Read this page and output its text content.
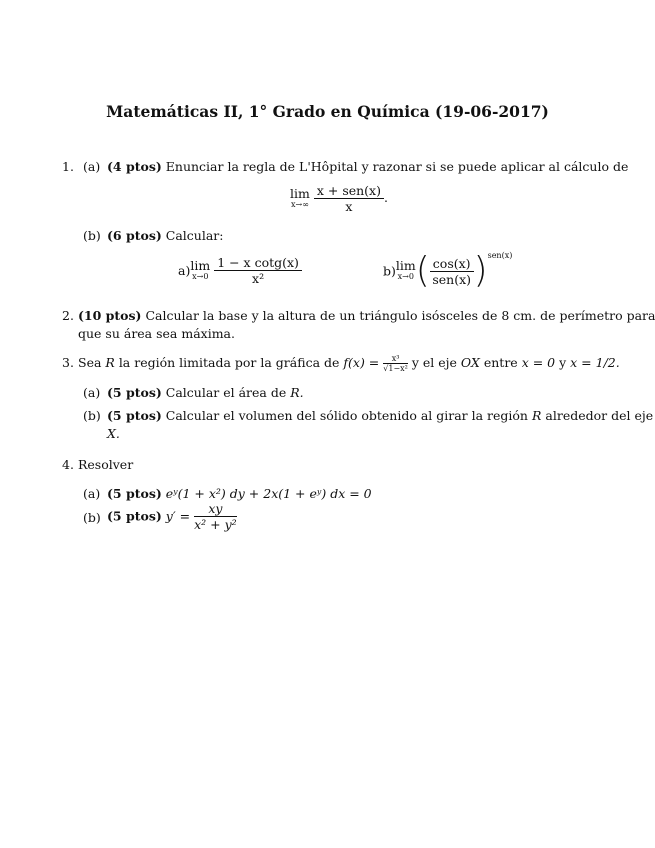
Matemáticas II, 1° Grado en Química (19-06-2017)
1. (a) (4 ptos) Enunciar la regla de L'Hôpital y razonar si se puede aplicar al cálculo de
lim
x→∞
$\frac{\text{x + sen(x)}}{x}$ .
(b) (6 ptos) Calcular:
a)lim
x→0
$\frac{\text{1 − x cotg(x)}}{\text{x²}}$	b)lim
x→0 ( $\frac{\cos(x)}{\text{sen(x)}} )^{sen(x)}$
2. (10 ptos) Calcular la base y la altura de un triángulo isósceles de 8 cm. de perímetro para
que su área sea máxima.
3. Sea R la región limitada por la gráfica de $f(x) = \frac{\text{x³}}{\text{√1−x²}}$ y el eje OX entre x = 0 y x = 1/2.
(a) (5 ptos) Calcular el área de R.
(b) (5 ptos) Calcular el volumen del sólido obtenido al girar la región R alrededor del eje
X.
4. Resolver
(a) (5 ptos) eʸ(1 + x²) dy + 2x(1 + eʸ) dx = 0
(b) (5 ptos) $y' = \frac{xy}{\text{x² + y²}}$
